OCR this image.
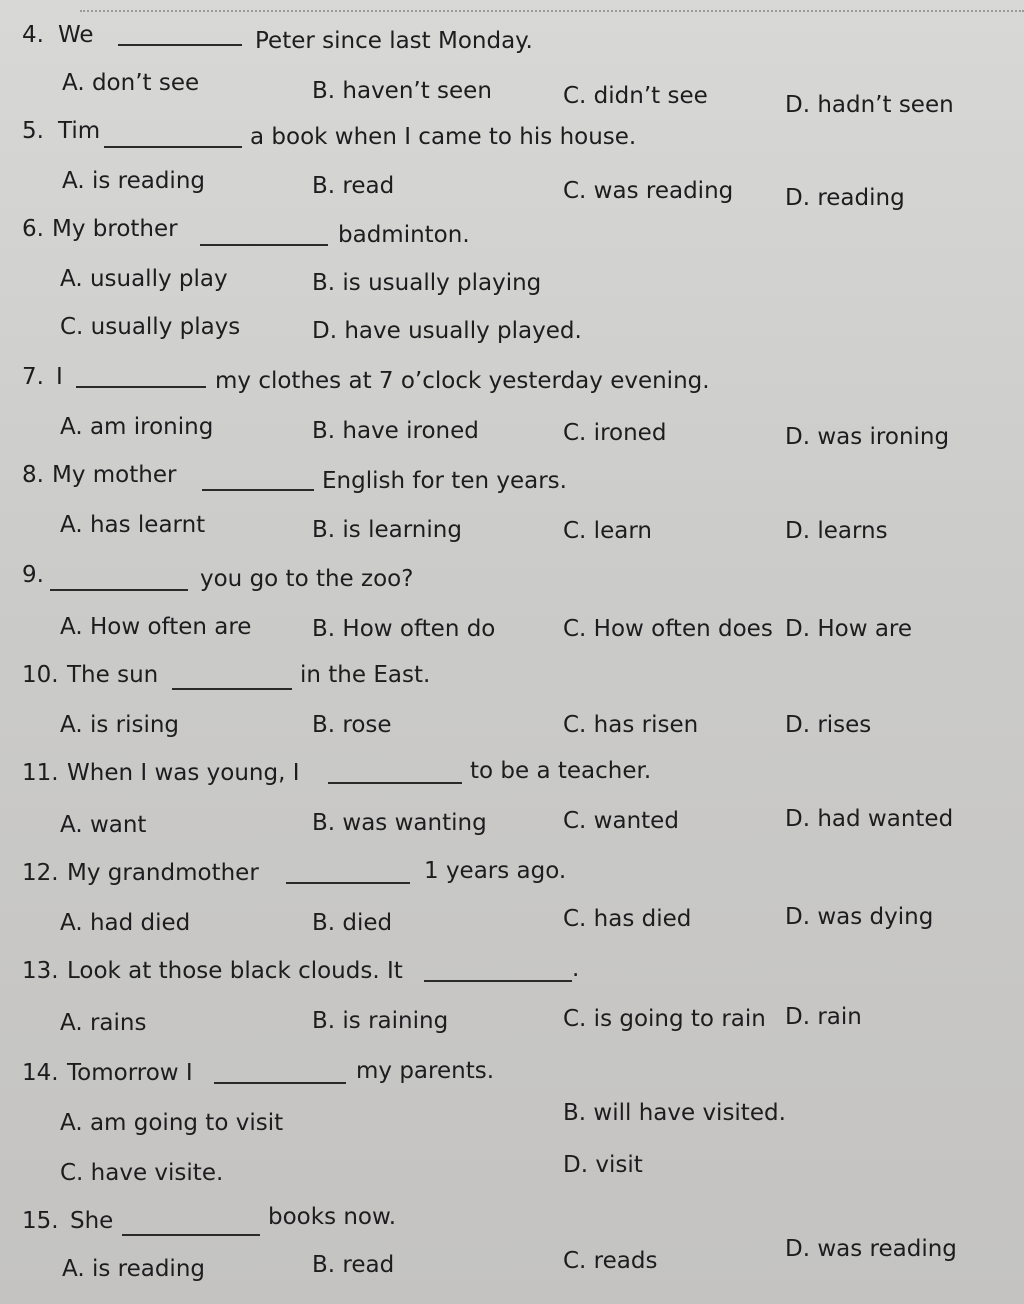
4. We	Peter since last Monday.
A. don’t see	B. haven’t seen	C. didn’t see	D. hadn’t seen
5. Tim	a book when I came to his house.
A. is reading	B. read	C. was reading D. reading
6. My brother	badminton.
A. usually play	B. is usually playing
C. usually plays	D. have usually played.
7. I	my clothes at 7 o’clock yesterday evening.
A. am ironing	B. have ironed	C. ironed	D. was ironing
8. My mother	English for ten years.
A. has learnt	B. is learning	C. learn	D. learns
9.	you go to the zoo?
A. How often are	B. How often do	C. How often does D. How are
10. The sun	in the East.
A. is rising	B. rose	C. has risen	D. rises
11. When I was young, I	to be a teacher.
A. want	B. was wanting	C. wanted	D. had wanted
12. My grandmother	1 years ago.
A. had died	B. died	C. has died	D. was dying
13. Look at those black clouds. It	.
A. rains	B. is raining	C. is going to rain D. rain
14. Tomorrow I	my parents.
A. am going to visit	B. will have visited.
C. have visite.	D. visit
15. She	books now.
A. is reading	B. read	C. reads	D. was reading
